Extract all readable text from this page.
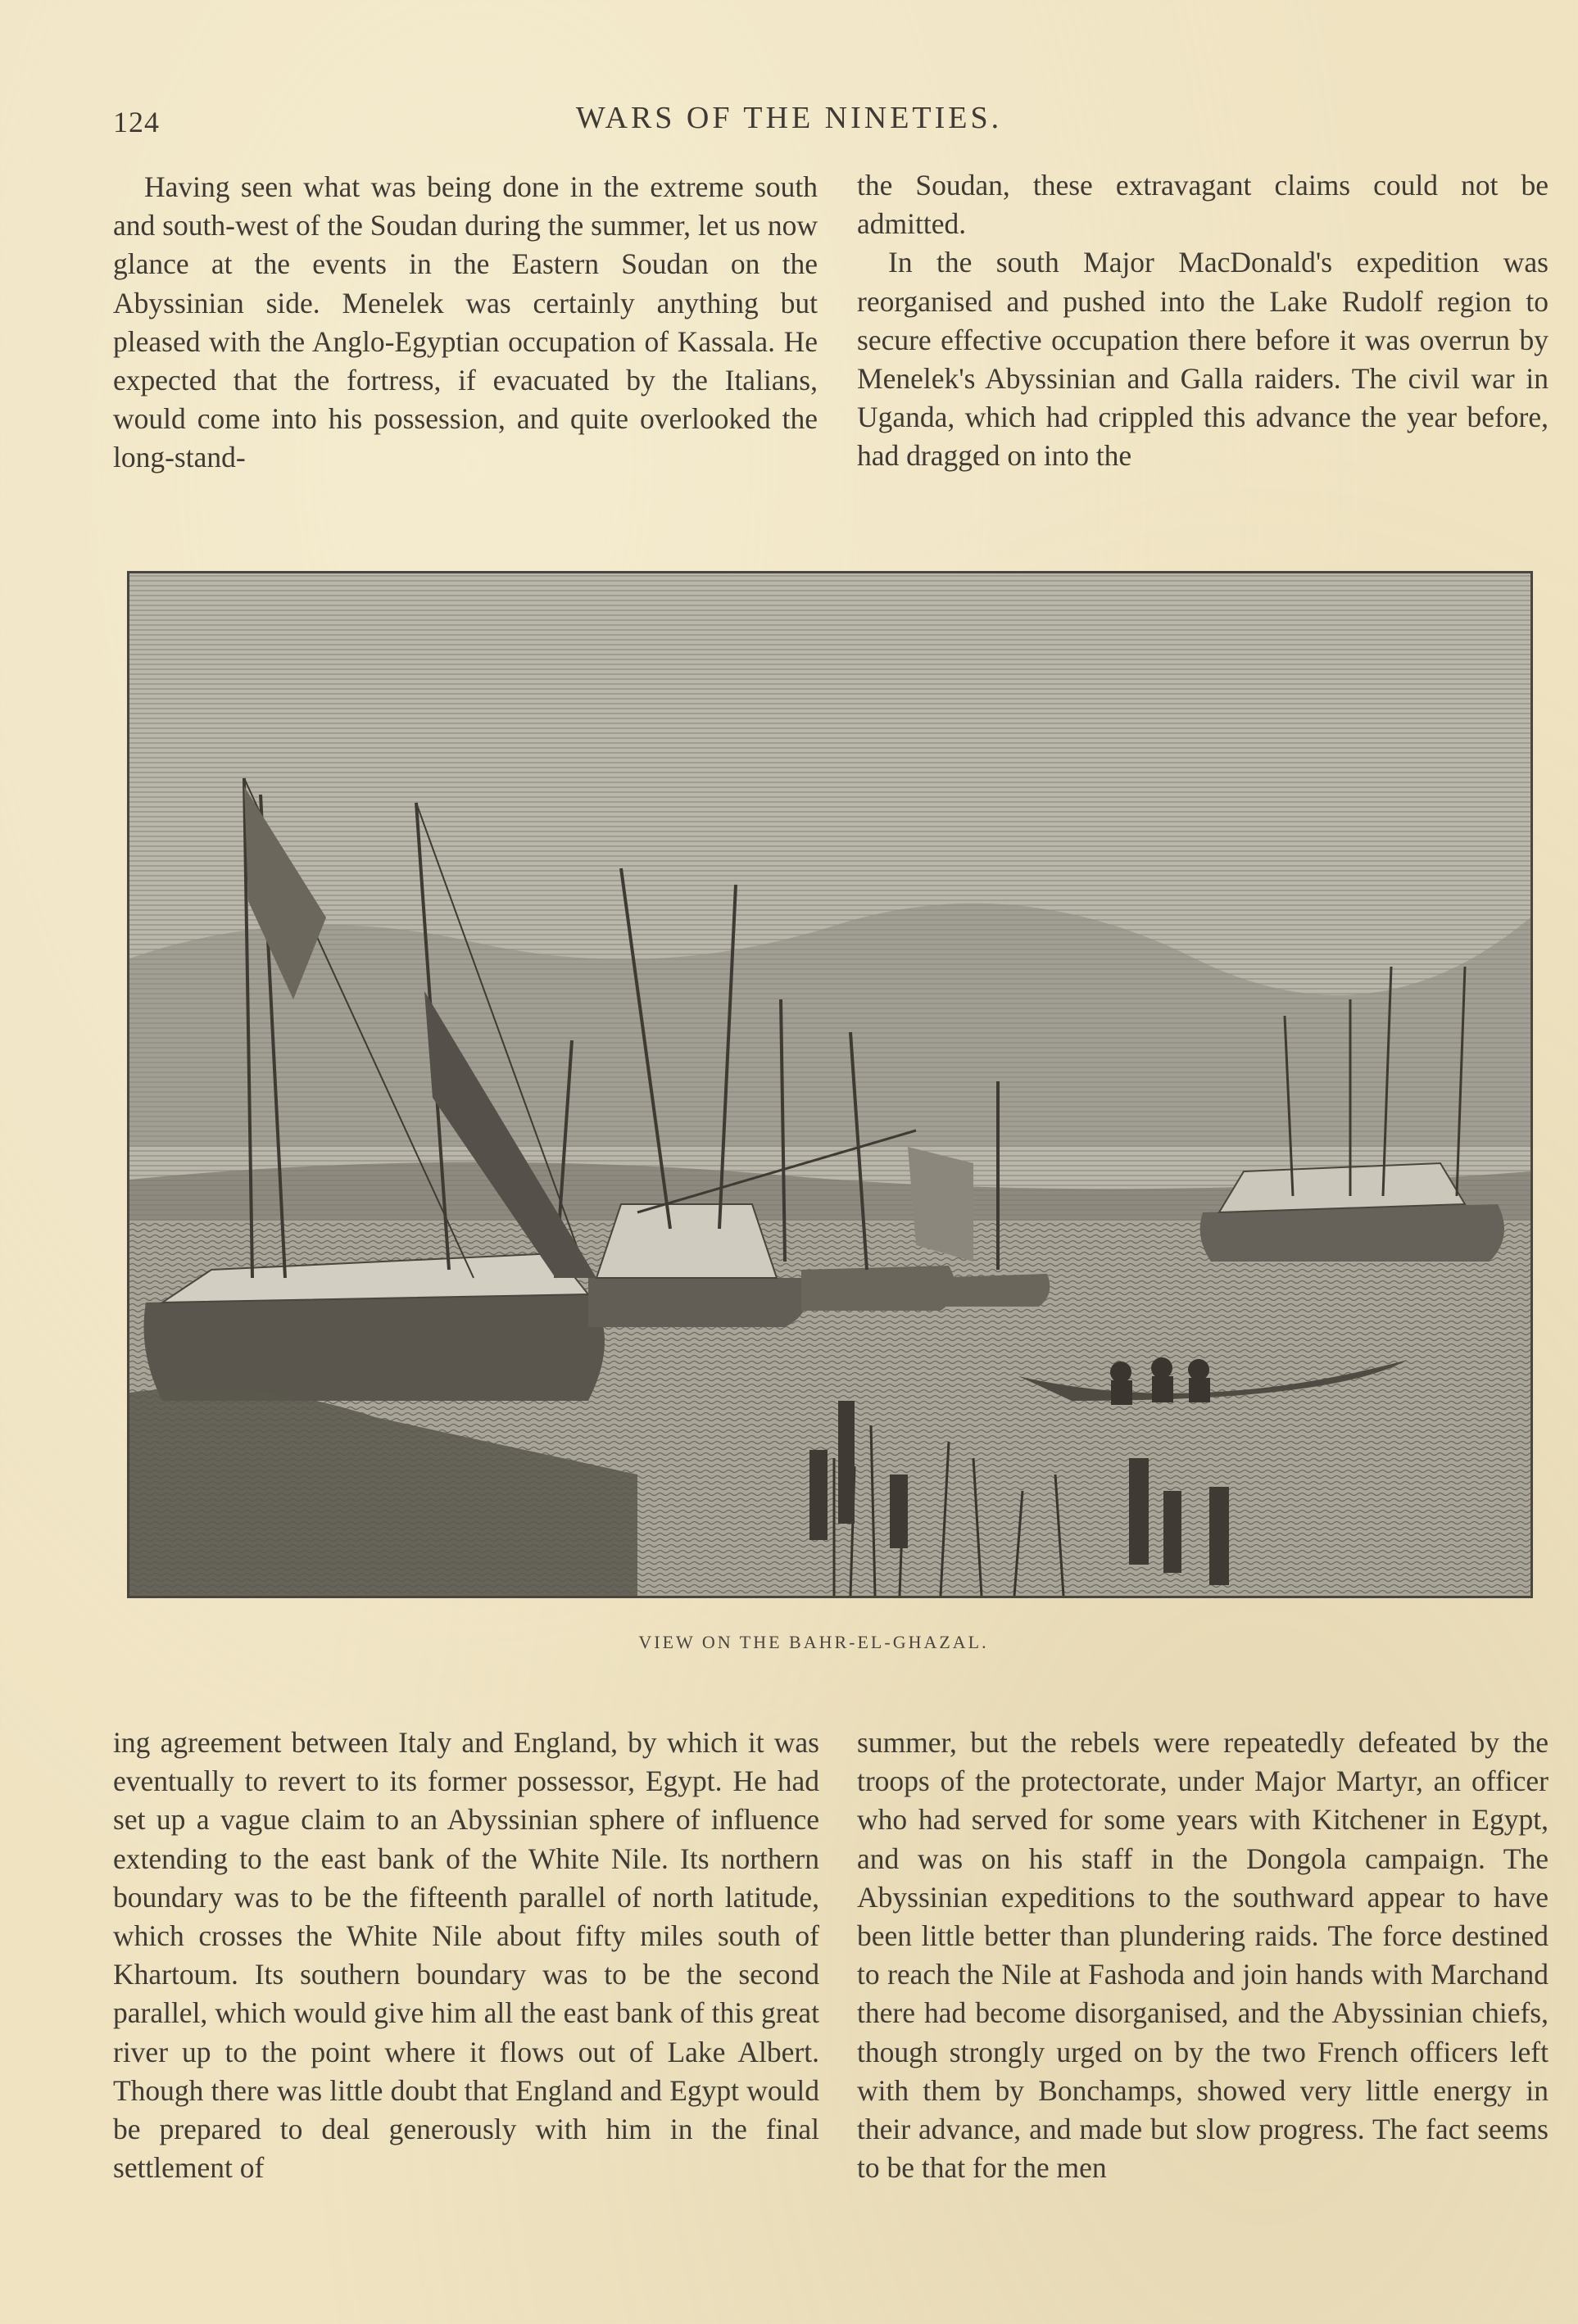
124	WARS OF THE NINETIES.

Having seen what was being done in the extreme south and south-west of the Soudan during the summer, let us now glance at the events in the Eastern Soudan on the Abyssinian side. Menelek was certainly anything but pleased with the Anglo-Egyptian occupation of Kassala. He expected that the fortress, if evacuated by the Italians, would come into his possession, and quite overlooked the long-stand-

the Soudan, these extravagant claims could not be admitted.

In the south Major MacDonald's expedition was reorganised and pushed into the Lake Rudolf region to secure effective occupation there before it was overrun by Menelek's Abyssinian and Galla raiders. The civil war in Uganda, which had crippled this advance the year before, had dragged on into the

VIEW ON THE BAHR-EL-GHAZAL.

ing agreement between Italy and England, by which it was eventually to revert to its former possessor, Egypt. He had set up a vague claim to an Abyssinian sphere of influence extending to the east bank of the White Nile. Its northern boundary was to be the fifteenth parallel of north latitude, which crosses the White Nile about fifty miles south of Khartoum. Its southern boundary was to be the second parallel, which would give him all the east bank of this great river up to the point where it flows out of Lake Albert. Though there was little doubt that England and Egypt would be prepared to deal generously with him in the final settlement of

summer, but the rebels were repeatedly defeated by the troops of the protectorate, under Major Martyr, an officer who had served for some years with Kitchener in Egypt, and was on his staff in the Dongola campaign. The Abyssinian expeditions to the southward appear to have been little better than plundering raids. The force destined to reach the Nile at Fashoda and join hands with Marchand there had become disorganised, and the Abyssinian chiefs, though strongly urged on by the two French officers left with them by Bonchamps, showed very little energy in their advance, and made but slow progress. The fact seems to be that for the men
